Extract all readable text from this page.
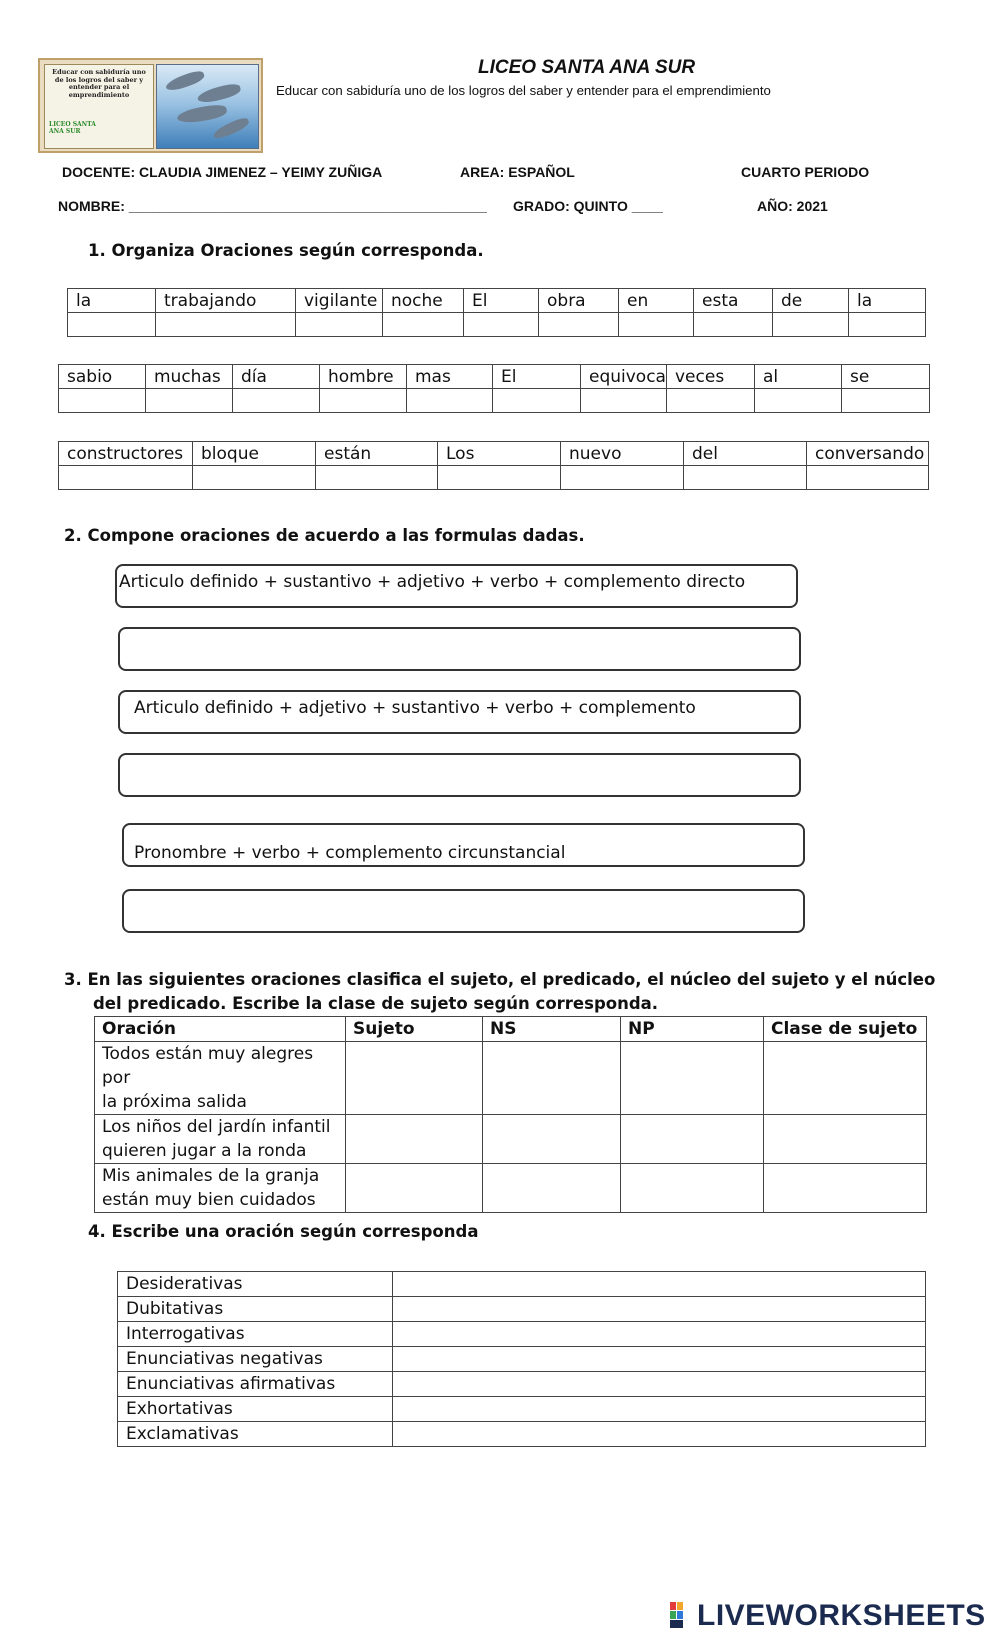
Educar con sabiduría uno de los logros del saber y entender para el emprendimiento
LICEO SANTA ANA SUR
LICEO SANTA ANA SUR
Educar con sabiduría uno de los logros del saber y entender para el emprendimiento
DOCENTE: CLAUDIA JIMENEZ – YEIMY ZUÑIGA	AREA: ESPAÑOL	CUARTO PERIODO
NOMBRE: ______________________________________________ GRADO: QUINTO ____	AÑO: 2021
1. Organiza Oraciones según corresponda.
la	trabajando	vigilante	noche	El	obra	en	esta	de	la

sabio	muchas	día	hombre	mas	El	equivoca	veces	al	se

constructores	bloque	están	Los	nuevo	del	conversando

2. Compone oraciones de acuerdo a las formulas dadas.
Articulo definido + sustantivo + adjetivo + verbo + complemento directo
Articulo definido + adjetivo + sustantivo + verbo + complemento
Pronombre + verbo + complemento circunstancial
3. En las siguientes oraciones clasifica el sujeto, el predicado, el núcleo del sujeto y el núcleo
del predicado. Escribe la clase de sujeto según corresponda.
Oración	Sujeto	NS	NP	Clase de sujeto
Todos están muy alegres por
la próxima salida				
Los niños del jardín infantil
quieren jugar a la ronda				
Mis animales de la granja
están muy bien cuidados				
4. Escribe una oración según corresponda
Desiderativas	
Dubitativas	
Interrogativas	
Enunciativas negativas	
Enunciativas afirmativas	
Exhortativas	
Exclamativas	
LIVEWORKSHEETS
